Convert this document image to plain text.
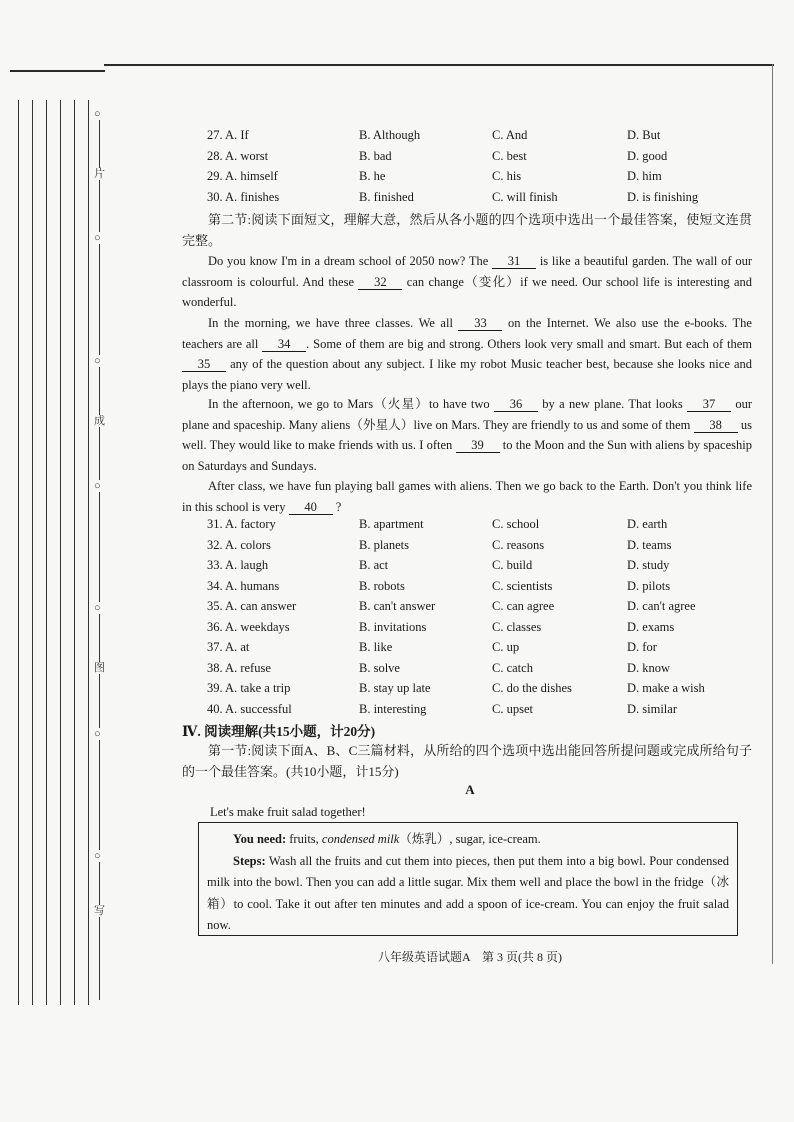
○
片
○
○
成
○
○
图
○
○
写
27. A. If	B. Although	C. And	D. But
28. A. worst	B. bad	C. best	D. good
29. A. himself	B. he	C. his	D. him
30. A. finishes	B. finished	C. will finish	D. is finishing
第二节:阅读下面短文，理解大意，然后从各小题的四个选项中选出一个最佳答案，使短文连贯完整。
Do you know I'm in a dream school of 2050 now? The 31 is like a beautiful garden. The wall of our classroom is colourful. And these 32 can change（变化）if we need. Our school life is interesting and wonderful.
In the morning, we have three classes. We all 33 on the Internet. We also use the e-books. The teachers are all 34 . Some of them are big and strong. Others look very small and smart. But each of them 35 any of the question about any subject. I like my robot Music teacher best, because she looks nice and plays the piano very well.
In the afternoon, we go to Mars（火星）to have two 36 by a new plane. That looks 37 our plane and spaceship. Many aliens（外星人）live on Mars. They are friendly to us and some of them 38 us well. They would like to make friends with us. I often 39 to the Moon and the Sun with aliens by spaceship on Saturdays and Sundays.
After class, we have fun playing ball games with aliens. Then we go back to the Earth. Don't you think life in this school is very 40 ?
31. A. factory	B. apartment	C. school	D. earth
32. A. colors	B. planets	C. reasons	D. teams
33. A. laugh	B. act	C. build	D. study
34. A. humans	B. robots	C. scientists	D. pilots
35. A. can answer	B. can't answer	C. can agree	D. can't agree
36. A. weekdays	B. invitations	C. classes	D. exams
37. A. at	B. like	C. up	D. for
38. A. refuse	B. solve	C. catch	D. know
39. A. take a trip	B. stay up late	C. do the dishes	D. make a wish
40. A. successful	B. interesting	C. upset	D. similar
Ⅳ. 阅读理解(共15小题，计20分)
第一节:阅读下面A、B、C三篇材料，从所给的四个选项中选出能回答所提问题或完成所给句子的一个最佳答案。(共10小题，计15分)
A
Let's make fruit salad together!
You need: fruits, condensed milk（炼乳）, sugar, ice-cream.
Steps: Wash all the fruits and cut them into pieces, then put them into a big bowl. Pour condensed milk into the bowl. Then you can add a little sugar. Mix them well and place the bowl in the fridge（冰箱）to cool. Take it out after ten minutes and add a spoon of ice-cream. You can enjoy the fruit salad now.
八年级英语试题A　第 3 页(共 8 页)
